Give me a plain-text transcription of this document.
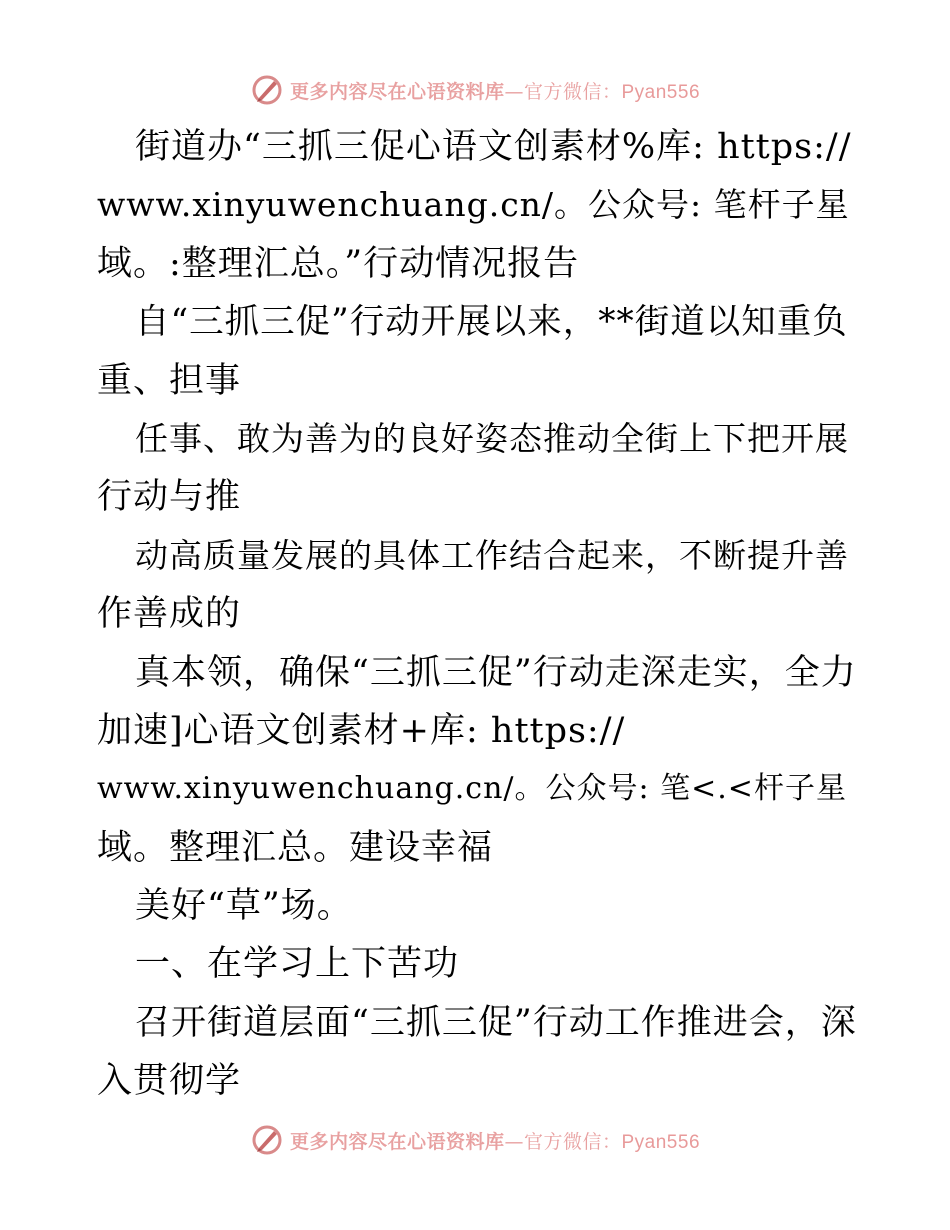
更多内容尽在心语资料库—官方微信：Pyan556
街道办“三抓三促心语文创素材%库: https://
www.xinyuwenchuang.cn/。公众号: 笔杆子星
域。:整理汇总。”行动情况报告
自“三抓三促”行动开展以来，**街道以知重负
重、担事
任事、敢为善为的良好姿态推动全街上下把开展
行动与推
动高质量发展的具体工作结合起来，不断提升善
作善成的
真本领，确保“三抓三促”行动走深走实，全力
加速]心语文创素材+库: https://
www.xinyuwenchuang.cn/。公众号: 笔<.<杆子星
域。整理汇总。建设幸福
美好“草”场。
一、在学习上下苦功
召开街道层面“三抓三促”行动工作推进会，深
入贯彻学
更多内容尽在心语资料库—官方微信：Pyan556
